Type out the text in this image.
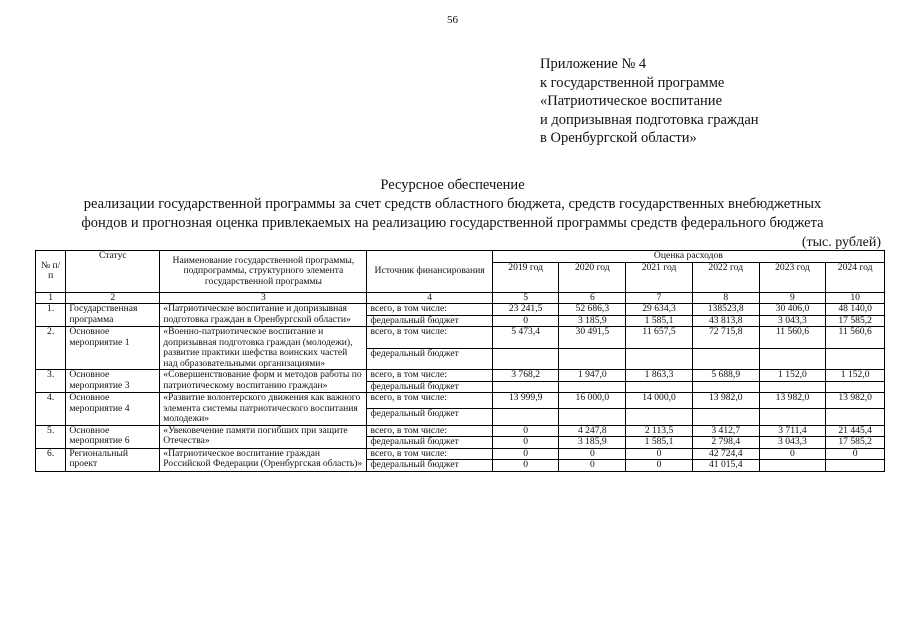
56
Приложение № 4
к государственной программе
«Патриотическое воспитание
и допризывная подготовка граждан
в Оренбургской области»
Ресурсное обеспечение
реализации государственной программы за счет средств областного бюджета, средств государственных внебюджетных
фондов и прогнозная оценка привлекаемых на реализацию государственной программы средств федерального бюджета
(тыс. рублей)
№ п/п	Статус	Наименование государственной программы, подпрограммы, структурного элемента государственной программы	Источник финансирования	Оценка расходов					
				2019 год	2020 год	2021 год	2022 год	2023 год	2024 год
1	2	3	4	5	6	7	8	9	10
1.	Государственная программа	«Патриотическое воспитание и допризывная подготовка граждан в Оренбургской области»	всего, в том числе:	23 241,5	52 686,3	29 634,3	138523,8	30 406,0	48 140,0
			федеральный бюджет	0	3 185,9	1 585,1	43 813,8	3 043,3	17 585,2
2.	Основное мероприятие 1	«Военно-патриотическое воспитание и допризывная подготовка граждан (молодежи), развитие практики шефства воинских частей над образовательными организациями»	всего, в том числе:	5 473,4	30 491,5	11 657,5	72 715,8	11 560,6	11 560,6
			федеральный бюджет						
3.	Основное мероприятие 3	«Совершенствование форм и методов работы по патриотическому воспитанию граждан»	всего, в том числе:	3 768,2	1 947,0	1 863,3	5 688,9	1 152,0	1 152,0
			федеральный бюджет						
4.	Основное мероприятие 4	«Развитие волонтерского движения как важного элемента системы патриотического воспитания молодежи»	всего, в том числе:	13 999,9	16 000,0	14 000,0	13 982,0	13 982,0	13 982,0
			федеральный бюджет						
5.	Основное мероприятие 6	«Увековечение памяти погибших при защите Отечества»	всего, в том числе:	0	4 247,8	2 113,5	3 412,7	3 711,4	21 445,4
			федеральный бюджет	0	3 185,9	1 585,1	2 798,4	3 043,3	17 585,2
6.	Региональный проект	«Патриотическое воспитание граждан Российской Федерации (Оренбургская область)»	всего, в том числе:	0	0	0	42 724,4	0	0
			федеральный бюджет	0	0	0	41 015,4		
